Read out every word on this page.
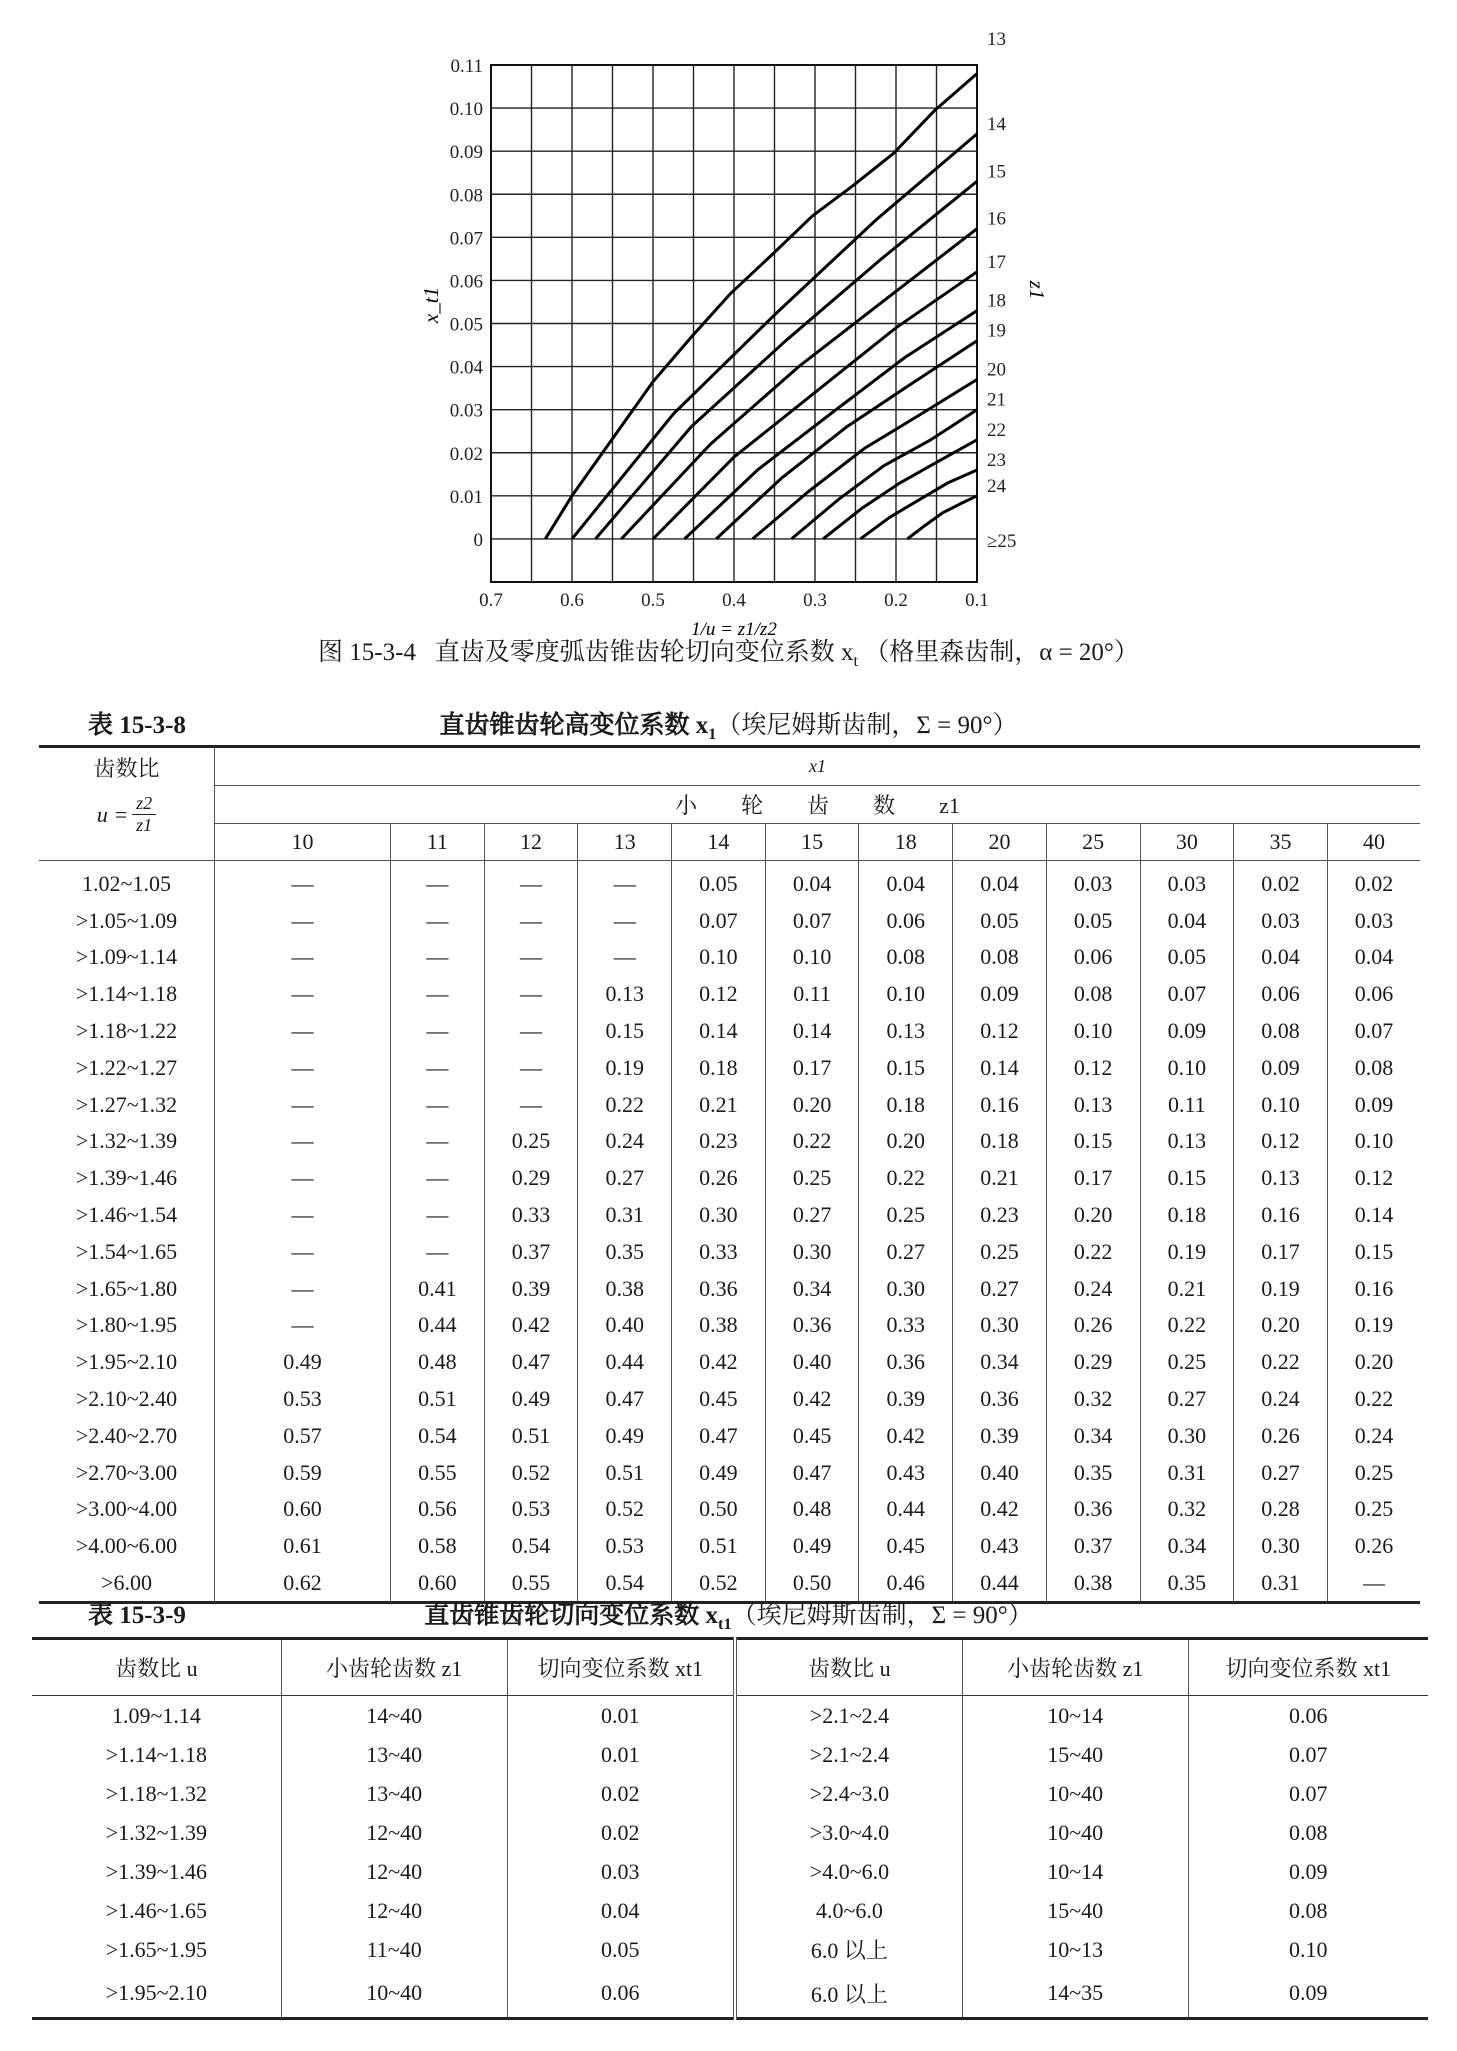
0
0.01
0.02
0.03
0.04
0.05
0.06
0.07
0.08
0.09
0.10
0.11
0.7	0.6	0.5	0.4	0.3	0.2	0.1
x_t1	z1
1/u = z1/z2
13
14
15
16
17
18
19
20
21
22
23
24
≥25
图 15-3-4 直齿及零度弧齿锥齿轮切向变位系数 $x_t$ （格里森齿制，α = 20°）
表 15-3-8	直齿锥齿轮高变位系数 $x_1$（埃尼姆斯齿制，Σ = 90°）
齿数比
$u = \frac{z2}{z1}$	x1											
	小　　轮　　齿　　数　　z1											
	10	11	12	13	14	15	18	20	25	30	35	40
1.02~1.05	—	—	—	—	0.05	0.04	0.04	0.04	0.03	0.03	0.02	0.02
>1.05~1.09	—	—	—	—	0.07	0.07	0.06	0.05	0.05	0.04	0.03	0.03
>1.09~1.14	—	—	—	—	0.10	0.10	0.08	0.08	0.06	0.05	0.04	0.04
>1.14~1.18	—	—	—	0.13	0.12	0.11	0.10	0.09	0.08	0.07	0.06	0.06
>1.18~1.22	—	—	—	0.15	0.14	0.14	0.13	0.12	0.10	0.09	0.08	0.07
>1.22~1.27	—	—	—	0.19	0.18	0.17	0.15	0.14	0.12	0.10	0.09	0.08
>1.27~1.32	—	—	—	0.22	0.21	0.20	0.18	0.16	0.13	0.11	0.10	0.09
>1.32~1.39	—	—	0.25	0.24	0.23	0.22	0.20	0.18	0.15	0.13	0.12	0.10
>1.39~1.46	—	—	0.29	0.27	0.26	0.25	0.22	0.21	0.17	0.15	0.13	0.12
>1.46~1.54	—	—	0.33	0.31	0.30	0.27	0.25	0.23	0.20	0.18	0.16	0.14
>1.54~1.65	—	—	0.37	0.35	0.33	0.30	0.27	0.25	0.22	0.19	0.17	0.15
>1.65~1.80	—	0.41	0.39	0.38	0.36	0.34	0.30	0.27	0.24	0.21	0.19	0.16
>1.80~1.95	—	0.44	0.42	0.40	0.38	0.36	0.33	0.30	0.26	0.22	0.20	0.19
>1.95~2.10	0.49	0.48	0.47	0.44	0.42	0.40	0.36	0.34	0.29	0.25	0.22	0.20
>2.10~2.40	0.53	0.51	0.49	0.47	0.45	0.42	0.39	0.36	0.32	0.27	0.24	0.22
>2.40~2.70	0.57	0.54	0.51	0.49	0.47	0.45	0.42	0.39	0.34	0.30	0.26	0.24
>2.70~3.00	0.59	0.55	0.52	0.51	0.49	0.47	0.43	0.40	0.35	0.31	0.27	0.25
>3.00~4.00	0.60	0.56	0.53	0.52	0.50	0.48	0.44	0.42	0.36	0.32	0.28	0.25
>4.00~6.00	0.61	0.58	0.54	0.53	0.51	0.49	0.45	0.43	0.37	0.34	0.30	0.26
>6.00	0.62	0.60	0.55	0.54	0.52	0.50	0.46	0.44	0.38	0.35	0.31	—
表 15-3-9	直齿锥齿轮切向变位系数 $x_{t1}$（埃尼姆斯齿制，Σ = 90°）
齿数比 u	小齿轮齿数 z1	切向变位系数 xt1	齿数比 u	小齿轮齿数 z1	切向变位系数 xt1
1.09~1.14	14~40	0.01	>2.1~2.4	10~14	0.06
>1.14~1.18	13~40	0.01	>2.1~2.4	15~40	0.07
>1.18~1.32	13~40	0.02	>2.4~3.0	10~40	0.07
>1.32~1.39	12~40	0.02	>3.0~4.0	10~40	0.08
>1.39~1.46	12~40	0.03	>4.0~6.0	10~14	0.09
>1.46~1.65	12~40	0.04	4.0~6.0	15~40	0.08
>1.65~1.95	11~40	0.05	6.0 以上	10~13	0.10
>1.95~2.10	10~40	0.06	6.0 以上	14~35	0.09
